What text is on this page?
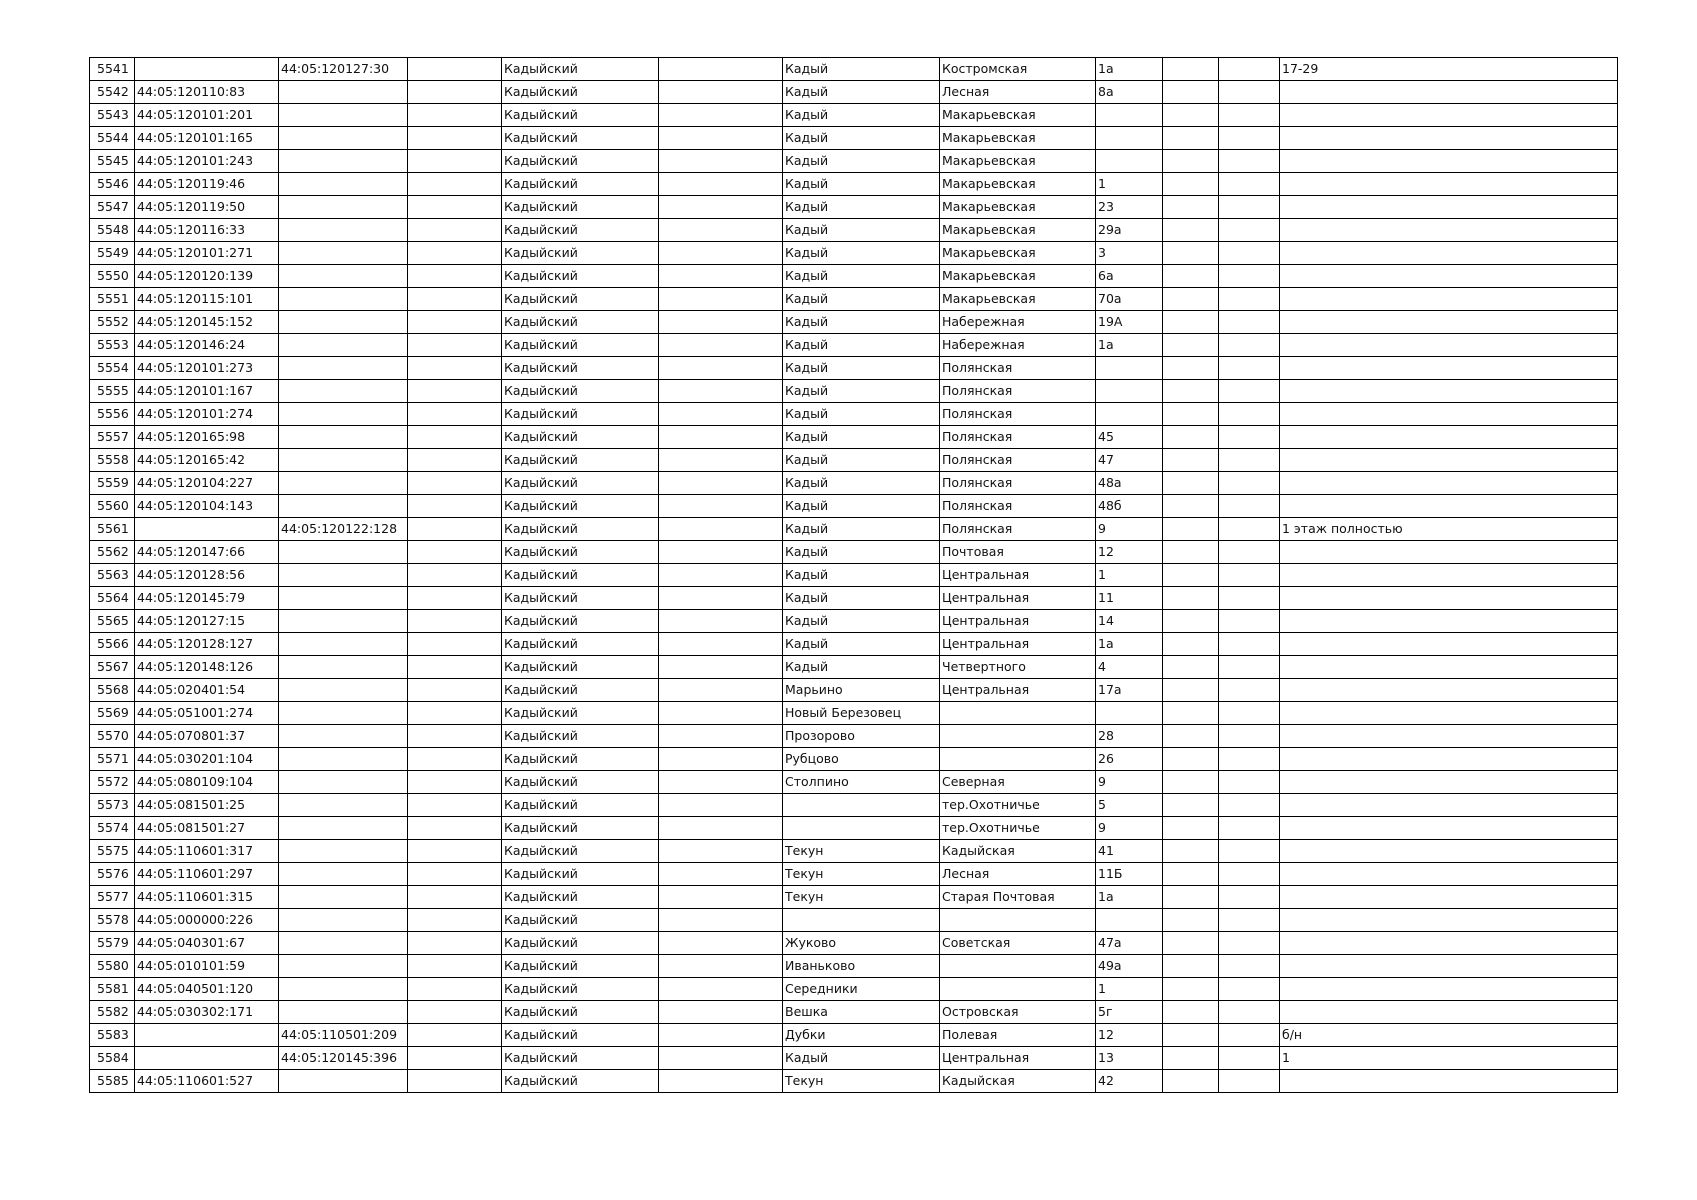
5541		44:05:120127:30		Кадыйский		Кадый	Костромская	1а			17-29
5542	44:05:120110:83			Кадыйский		Кадый	Лесная	8а			
5543	44:05:120101:201			Кадыйский		Кадый	Макарьевская				
5544	44:05:120101:165			Кадыйский		Кадый	Макарьевская				
5545	44:05:120101:243			Кадыйский		Кадый	Макарьевская				
5546	44:05:120119:46			Кадыйский		Кадый	Макарьевская	1			
5547	44:05:120119:50			Кадыйский		Кадый	Макарьевская	23			
5548	44:05:120116:33			Кадыйский		Кадый	Макарьевская	29а			
5549	44:05:120101:271			Кадыйский		Кадый	Макарьевская	3			
5550	44:05:120120:139			Кадыйский		Кадый	Макарьевская	6а			
5551	44:05:120115:101			Кадыйский		Кадый	Макарьевская	70а			
5552	44:05:120145:152			Кадыйский		Кадый	Набережная	19А			
5553	44:05:120146:24			Кадыйский		Кадый	Набережная	1а			
5554	44:05:120101:273			Кадыйский		Кадый	Полянская				
5555	44:05:120101:167			Кадыйский		Кадый	Полянская				
5556	44:05:120101:274			Кадыйский		Кадый	Полянская				
5557	44:05:120165:98			Кадыйский		Кадый	Полянская	45			
5558	44:05:120165:42			Кадыйский		Кадый	Полянская	47			
5559	44:05:120104:227			Кадыйский		Кадый	Полянская	48а			
5560	44:05:120104:143			Кадыйский		Кадый	Полянская	48б			
5561		44:05:120122:128		Кадыйский		Кадый	Полянская	9			1 этаж полностью
5562	44:05:120147:66			Кадыйский		Кадый	Почтовая	12			
5563	44:05:120128:56			Кадыйский		Кадый	Центральная	1			
5564	44:05:120145:79			Кадыйский		Кадый	Центральная	11			
5565	44:05:120127:15			Кадыйский		Кадый	Центральная	14			
5566	44:05:120128:127			Кадыйский		Кадый	Центральная	1а			
5567	44:05:120148:126			Кадыйский		Кадый	Четвертного	4			
5568	44:05:020401:54			Кадыйский		Марьино	Центральная	17а			
5569	44:05:051001:274			Кадыйский		Новый Березовец					
5570	44:05:070801:37			Кадыйский		Прозорово		28			
5571	44:05:030201:104			Кадыйский		Рубцово		26			
5572	44:05:080109:104			Кадыйский		Столпино	Северная	9			
5573	44:05:081501:25			Кадыйский			тер.Охотничье	5			
5574	44:05:081501:27			Кадыйский			тер.Охотничье	9			
5575	44:05:110601:317			Кадыйский		Текун	Кадыйская	41			
5576	44:05:110601:297			Кадыйский		Текун	Лесная	11Б			
5577	44:05:110601:315			Кадыйский		Текун	Старая Почтовая	1а			
5578	44:05:000000:226			Кадыйский							
5579	44:05:040301:67			Кадыйский		Жуково	Советская	47а			
5580	44:05:010101:59			Кадыйский		Иваньково		49а			
5581	44:05:040501:120			Кадыйский		Середники		1			
5582	44:05:030302:171			Кадыйский		Вешка	Островская	5г			
5583		44:05:110501:209		Кадыйский		Дубки	Полевая	12			б/н
5584		44:05:120145:396		Кадыйский		Кадый	Центральная	13			1
5585	44:05:110601:527			Кадыйский		Текун	Кадыйская	42			
